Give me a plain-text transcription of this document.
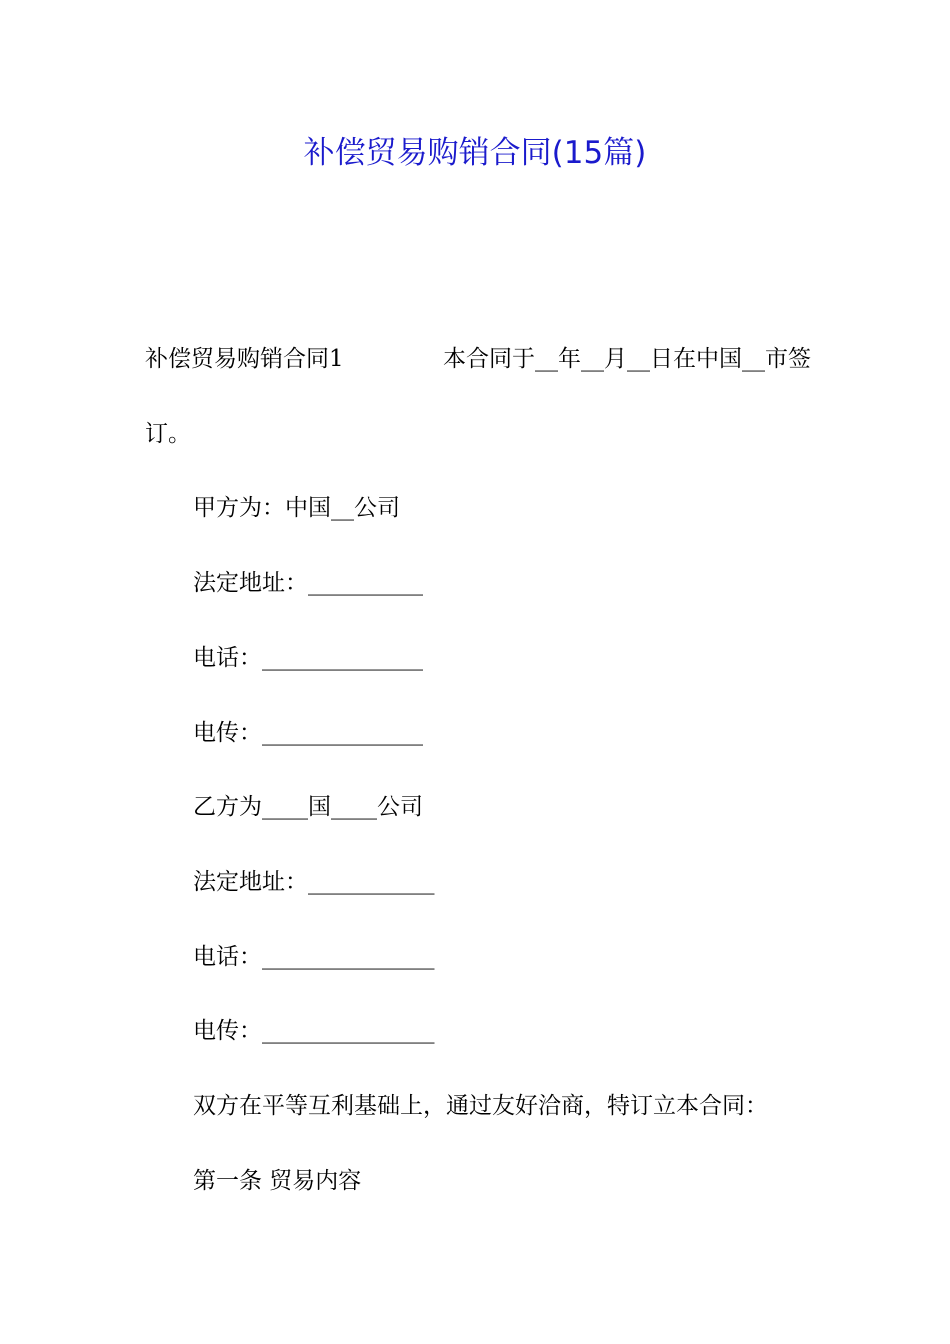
补偿贸易购销合同(15篇)
补偿贸易购销合同1	本合同于__年__月__日在中国__市签

订。

甲方为：中国__公司

法定地址：__________

电话：______________

电传：______________

乙方为____国____公司

法定地址：___________

电话：_______________

电传：_______________

双方在平等互利基础上，通过友好洽商，特订立本合同：

第一条 贸易内容
